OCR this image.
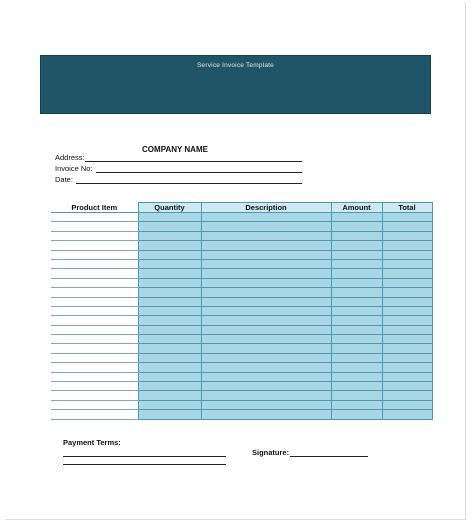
Service Invoice Template
COMPANY NAME
Address:
Invoice No:
Date:
Product Item	Quantity	Description	Amount	Total

Payment Terms:
Signature:
